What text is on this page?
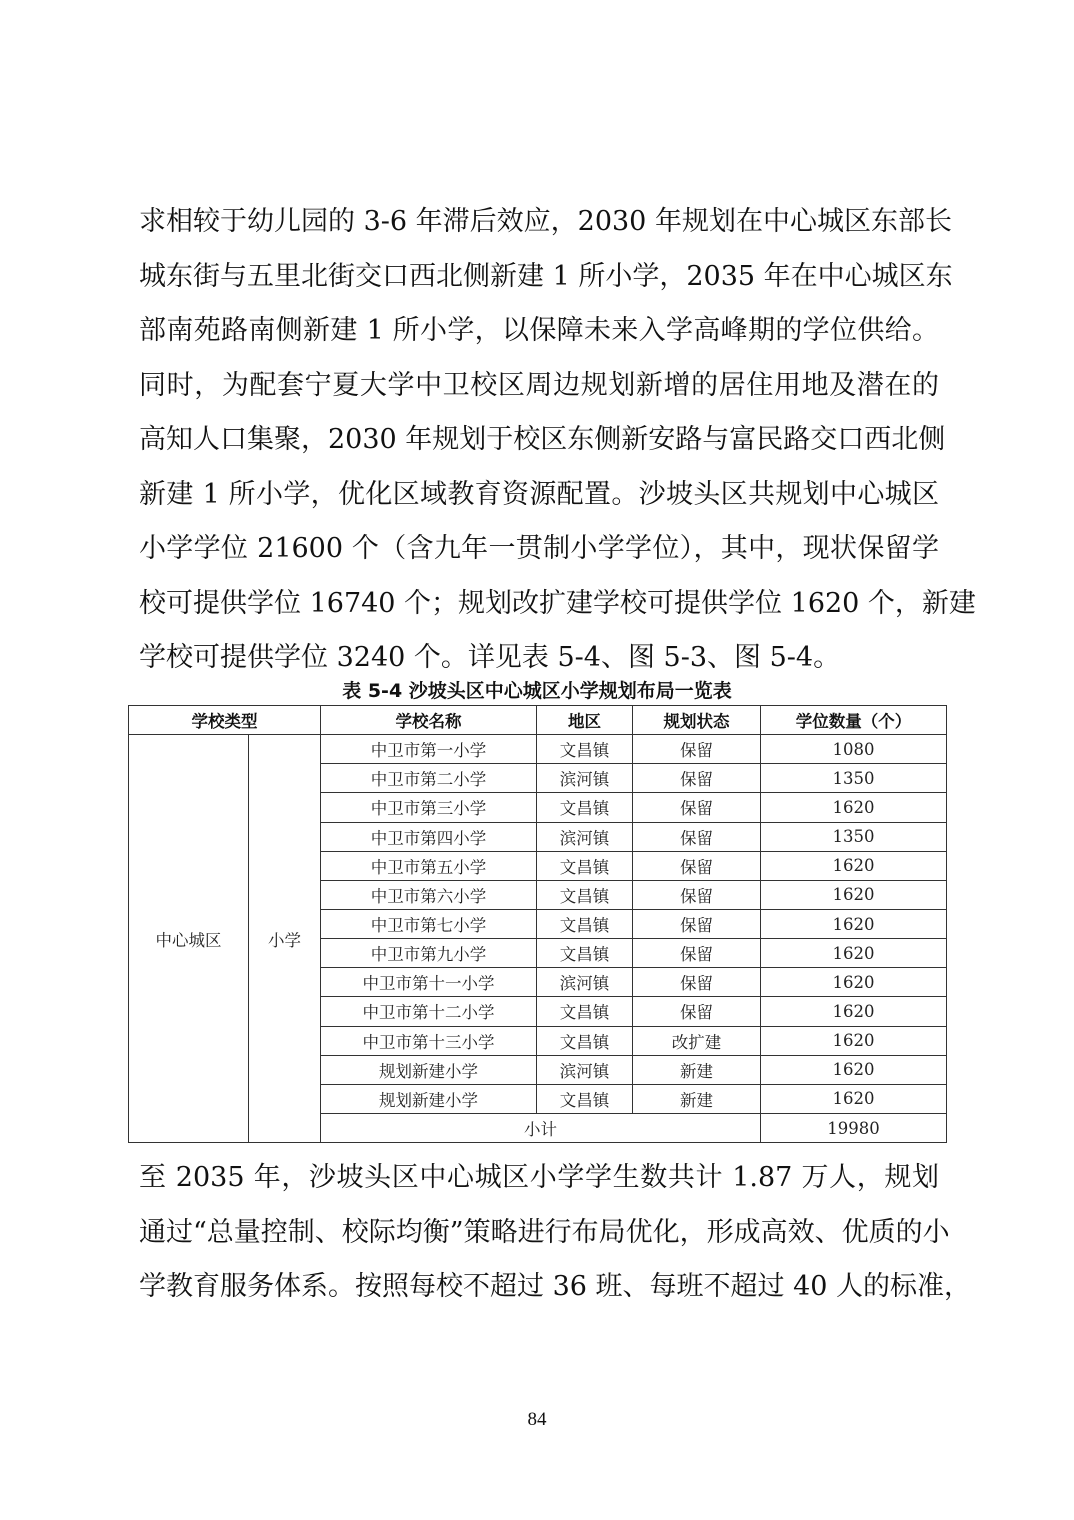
求相较于幼儿园的 3-6 年滞后效应，2030 年规划在中心城区东部长
城东街与五里北街交口西北侧新建 1 所小学，2035 年在中心城区东
部南苑路南侧新建 1 所小学，以保障未来入学高峰期的学位供给。
同时，为配套宁夏大学中卫校区周边规划新增的居住用地及潜在的
高知人口集聚，2030 年规划于校区东侧新安路与富民路交口西北侧
新建 1 所小学，优化区域教育资源配置。沙坡头区共规划中心城区
小学学位 21600 个（含九年一贯制小学学位），其中，现状保留学
校可提供学位 16740 个；规划改扩建学校可提供学位 1620 个，新建
学校可提供学位 3240 个。详见表 5-4、图 5-3、图 5-4。

表 5-4 沙坡头区中心城区小学规划布局一览表
学校类型		学校名称	地区	规划状态	学位数量（个）
中心城区	小学	中卫市第一小学	文昌镇	保留	1080
		中卫市第二小学	滨河镇	保留	1350
		中卫市第三小学	文昌镇	保留	1620
		中卫市第四小学	滨河镇	保留	1350
		中卫市第五小学	文昌镇	保留	1620
		中卫市第六小学	文昌镇	保留	1620
		中卫市第七小学	文昌镇	保留	1620
		中卫市第九小学	文昌镇	保留	1620
		中卫市第十一小学	滨河镇	保留	1620
		中卫市第十二小学	文昌镇	保留	1620
		中卫市第十三小学	文昌镇	改扩建	1620
		规划新建小学	滨河镇	新建	1620
		规划新建小学	文昌镇	新建	1620
		小计			19980

至 2035 年，沙坡头区中心城区小学学生数共计 1.87 万人，规划
通过“总量控制、校际均衡”策略进行布局优化，形成高效、优质的小
学教育服务体系。按照每校不超过 36 班、每班不超过 40 人的标准，

84
